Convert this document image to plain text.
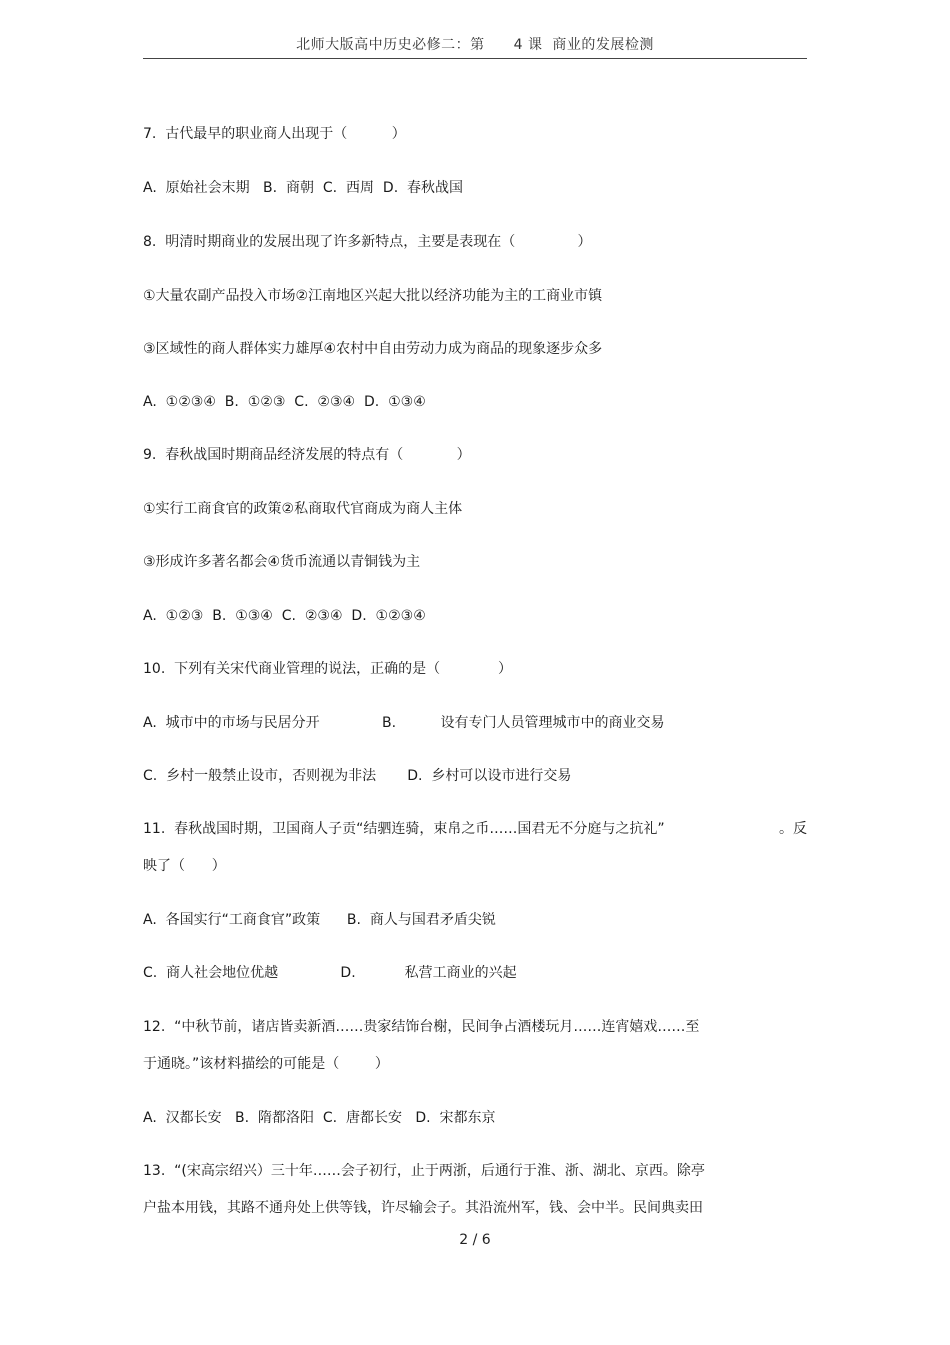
北师大版高中历史必修二：第　　4 课  商业的发展检测
7.  古代最早的职业商人出现于（          ）
A.  原始社会末期   B.  商朝  C.  西周  D.  春秋战国
8.  明清时期商业的发展出现了许多新特点，主要是表现在（              ）
①大量农副产品投入市场②江南地区兴起大批以经济功能为主的工商业市镇
③区域性的商人群体实力雄厚④农村中自由劳动力成为商品的现象逐步众多
A.  ①②③④  B.  ①②③  C.  ②③④  D.  ①③④
9.  春秋战国时期商品经济发展的特点有（            ）
①实行工商食官的政策②私商取代官商成为商人主体
③形成许多著名都会④货币流通以青铜钱为主
A.  ①②③  B.  ①③④  C.  ②③④  D.  ①②③④
10.  下列有关宋代商业管理的说法，正确的是（             ）
A.  城市中的市场与民居分开              B.          设有专门人员管理城市中的商业交易
C.  乡村一般禁止设市，否则视为非法       D.  乡村可以设市进行交易
11.  春秋战国时期，卫国商人子贡“结驷连骑，束帛之币……国君无不分庭与之抗礼”	。反
映了（      ）
A.  各国实行“工商食官”政策      B.  商人与国君矛盾尖锐
C.  商人社会地位优越              D.           私营工商业的兴起
12.  “中秋节前，诸店皆卖新酒……贵家结饰台榭，民间争占酒楼玩月……连宵嬉戏……至
于通晓。”该材料描绘的可能是（        ）
A.  汉都长安   B.  隋都洛阳  C.  唐都长安   D.  宋都东京
13.  “(宋高宗绍兴）三十年……会子初行，止于两浙，后通行于淮、浙、湖北、京西。除亭
户盐本用钱，其路不通舟处上供等钱，许尽输会子。其沿流州军，钱、会中半。民间典卖田
2 / 6
